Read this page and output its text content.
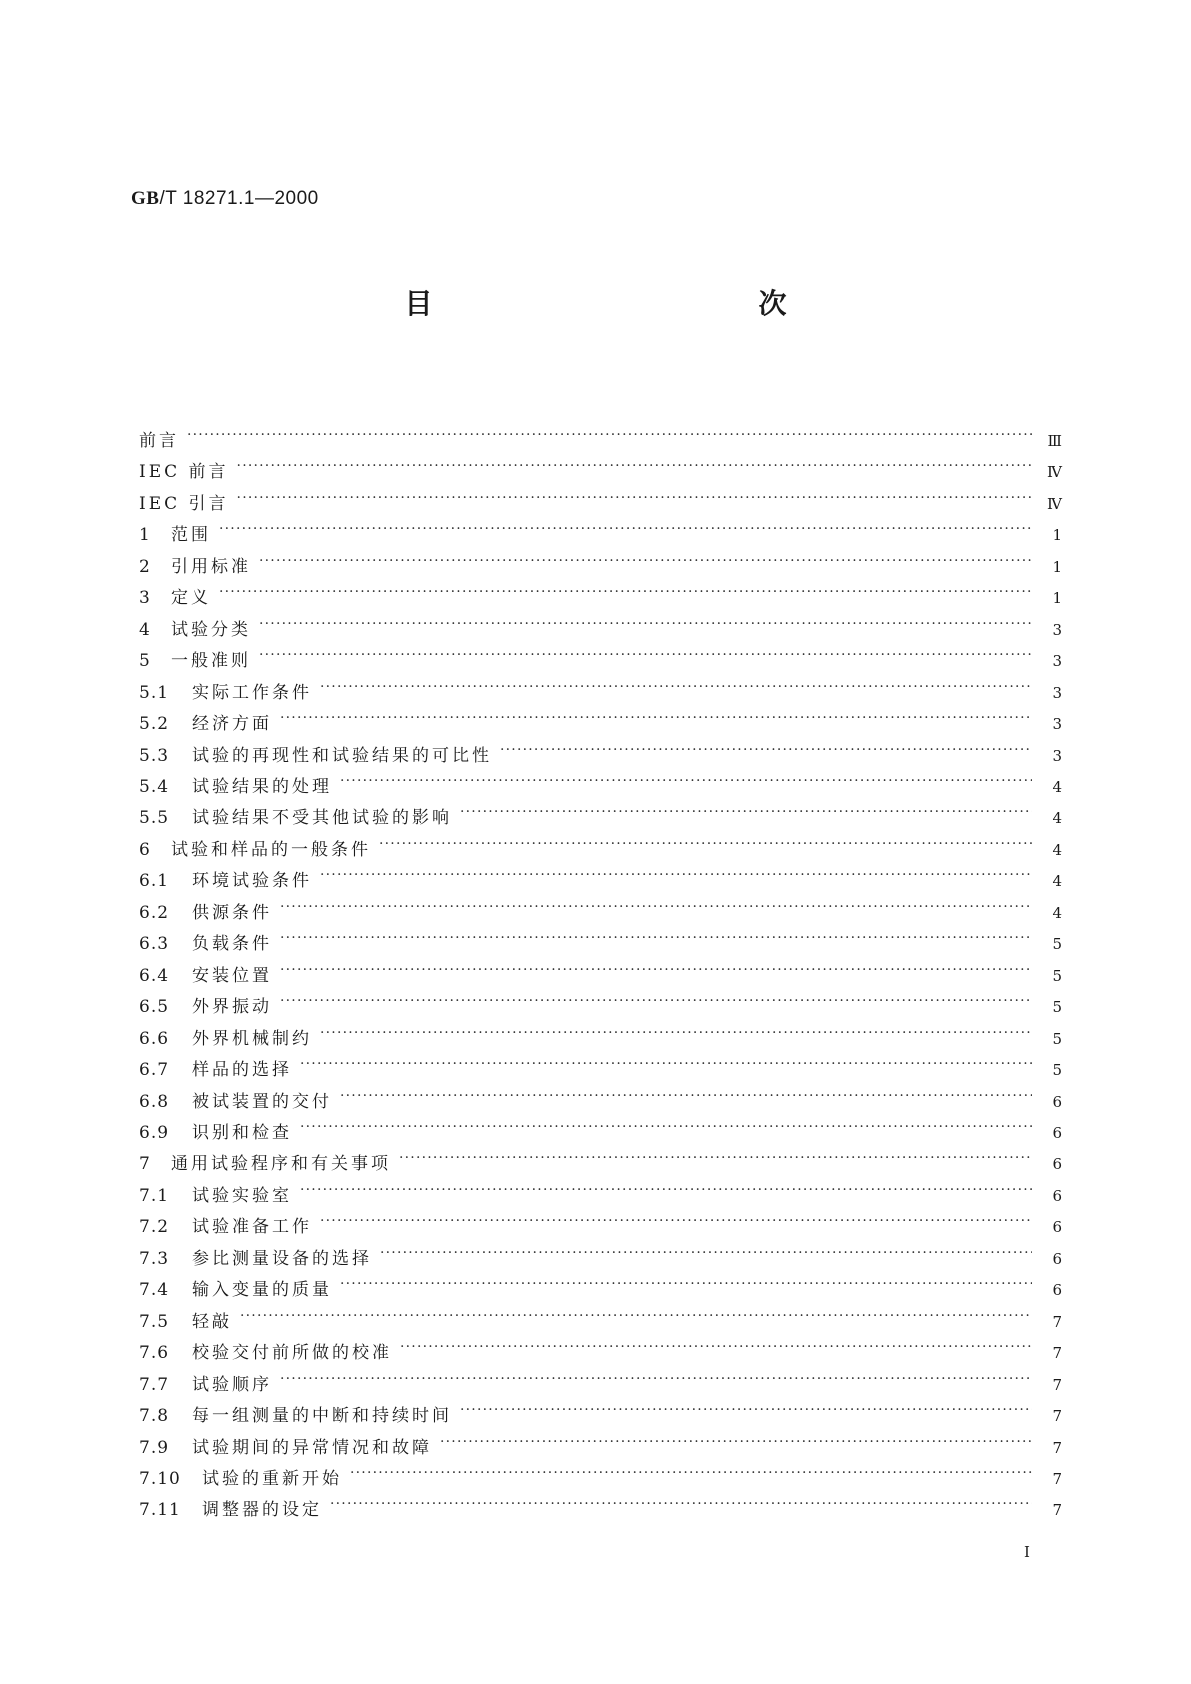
GB/T 18271.1—2000
目　　次
前言 ·····	Ⅲ
IEC 前言 ·····	Ⅳ
IEC 引言 ·····	Ⅳ
1	范围 ·····	1
2	引用标准 ·····	1
3	定义 ·····	1
4	试验分类 ·····	3
5	一般准则 ·····	3
5.1	实际工作条件 ·····	3
5.2	经济方面 ·····	3
5.3	试验的再现性和试验结果的可比性 ·····	3
5.4	试验结果的处理 ·····	4
5.5	试验结果不受其他试验的影响 ·····	4
6	试验和样品的一般条件 ·····	4
6.1	环境试验条件 ·····	4
6.2	供源条件 ·····	4
6.3	负载条件 ·····	5
6.4	安装位置 ·····	5
6.5	外界振动 ·····	5
6.6	外界机械制约 ·····	5
6.7	样品的选择 ·····	5
6.8	被试装置的交付 ·····	6
6.9	识别和检查 ·····	6
7	通用试验程序和有关事项 ·····	6
7.1	试验实验室 ·····	6
7.2	试验准备工作 ·····	6
7.3	参比测量设备的选择 ·····	6
7.4	输入变量的质量 ·····	6
7.5	轻敲 ·····	7
7.6	校验交付前所做的校准 ·····	7
7.7	试验顺序 ·····	7
7.8	每一组测量的中断和持续时间 ·····	7
7.9	试验期间的异常情况和故障 ·····	7
7.10	试验的重新开始 ·····	7
7.11	调整器的设定 ·····	7
I
